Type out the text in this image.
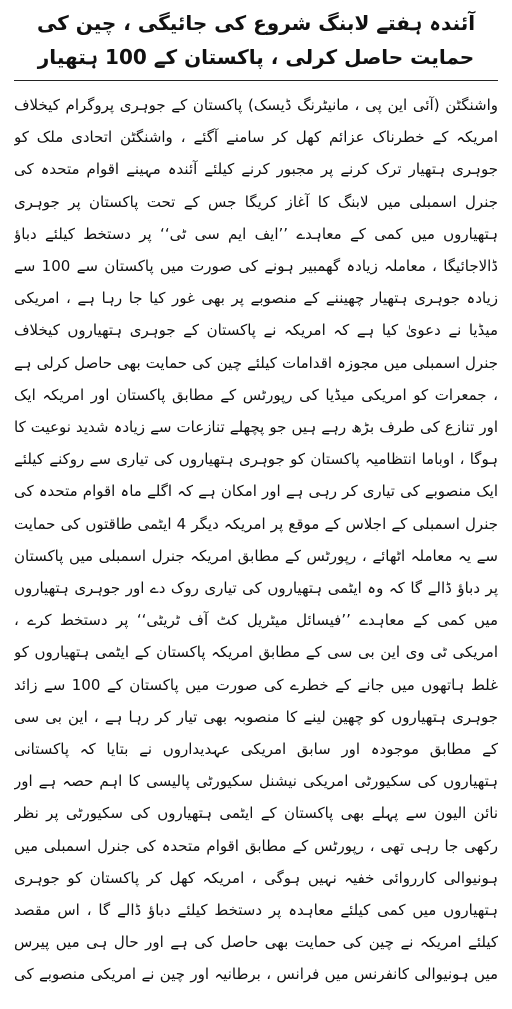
آئندہ ہفتے لابنگ شروع کی جائیگی ، چین کی حمایت حاصل کرلی ، پاکستان کے 100 ہتھیار

واشنگٹن (آئی این پی ، مانیٹرنگ ڈیسک) پاکستان کے جوہری پروگرام کیخلاف امریکہ کے خطرناک عزائم کھل کر سامنے آگئے ، واشنگٹن اتحادی ملک کو جوہری ہتھیار ترک کرنے پر مجبور کرنے کیلئے آئندہ مہینے اقوام متحدہ کی جنرل اسمبلی میں لابنگ کا آغاز کریگا جس کے تحت پاکستان پر جوہری ہتھیاروں میں کمی کے معاہدے ’’ایف ایم سی ٹی‘‘ پر دستخط کیلئے دباؤ ڈالاجائیگا ، معاملہ زیادہ گھمبیر ہونے کی صورت میں پاکستان سے 100 سے زیادہ جوہری ہتھیار چھیننے کے منصوبے پر بھی غور کیا جا رہا ہے ، امریکی میڈیا نے دعویٰ کیا ہے کہ امریکہ نے پاکستان کے جوہری ہتھیاروں کیخلاف جنرل اسمبلی میں مجوزہ اقدامات کیلئے چین کی حمایت بھی حاصل کرلی ہے ، جمعرات کو امریکی میڈیا کی رپورٹس کے مطابق پاکستان اور امریکہ ایک اور تنازع کی طرف بڑھ رہے ہیں جو پچھلے تنازعات سے زیادہ شدید نوعیت کا ہوگا ، اوباما انتظامیہ پاکستان کو جوہری ہتھیاروں کی تیاری سے روکنے کیلئے ایک منصوبے کی تیاری کر رہی ہے اور امکان ہے کہ اگلے ماہ اقوام متحدہ کی جنرل اسمبلی کے اجلاس کے موقع پر امریکہ دیگر 4 ایٹمی طاقتوں کی حمایت سے یہ معاملہ اٹھائے ، رپورٹس کے مطابق امریکہ جنرل اسمبلی میں پاکستان پر دباؤ ڈالے گا کہ وہ ایٹمی ہتھیاروں کی تیاری روک دے اور جوہری ہتھیاروں میں کمی کے معاہدے ’’فیسائل میٹریل کٹ آف ٹریٹی‘‘ پر دستخط کرے ، امریکی ٹی وی این بی سی کے مطابق امریکہ پاکستان کے ایٹمی ہتھیاروں کو غلط ہاتھوں میں جانے کے خطرے کی صورت میں پاکستان کے 100 سے زائد جوہری ہتھیاروں کو چھین لینے کا منصوبہ بھی تیار کر رہا ہے ، این بی سی کے مطابق موجودہ اور سابق امریکی عہدیداروں نے بتایا کہ پاکستانی ہتھیاروں کی سکیورٹی امریکی نیشنل سکیورٹی پالیسی کا اہم حصہ ہے اور نائن الیون سے پہلے بھی پاکستان کے ایٹمی ہتھیاروں کی سکیورٹی پر نظر رکھی جا رہی تھی ، رپورٹس کے مطابق اقوام متحدہ کی جنرل اسمبلی میں ہونیوالی کارروائی خفیہ نہیں ہوگی ، امریکہ کھل کر پاکستان کو جوہری ہتھیاروں میں کمی کیلئے معاہدہ پر دستخط کیلئے دباؤ ڈالے گا ، اس مقصد کیلئے امریکہ نے چین کی حمایت بھی حاصل کی ہے اور حال ہی میں پیرس میں ہونیوالی کانفرنس میں فرانس ، برطانیہ اور چین نے امریکی منصوبے کی
